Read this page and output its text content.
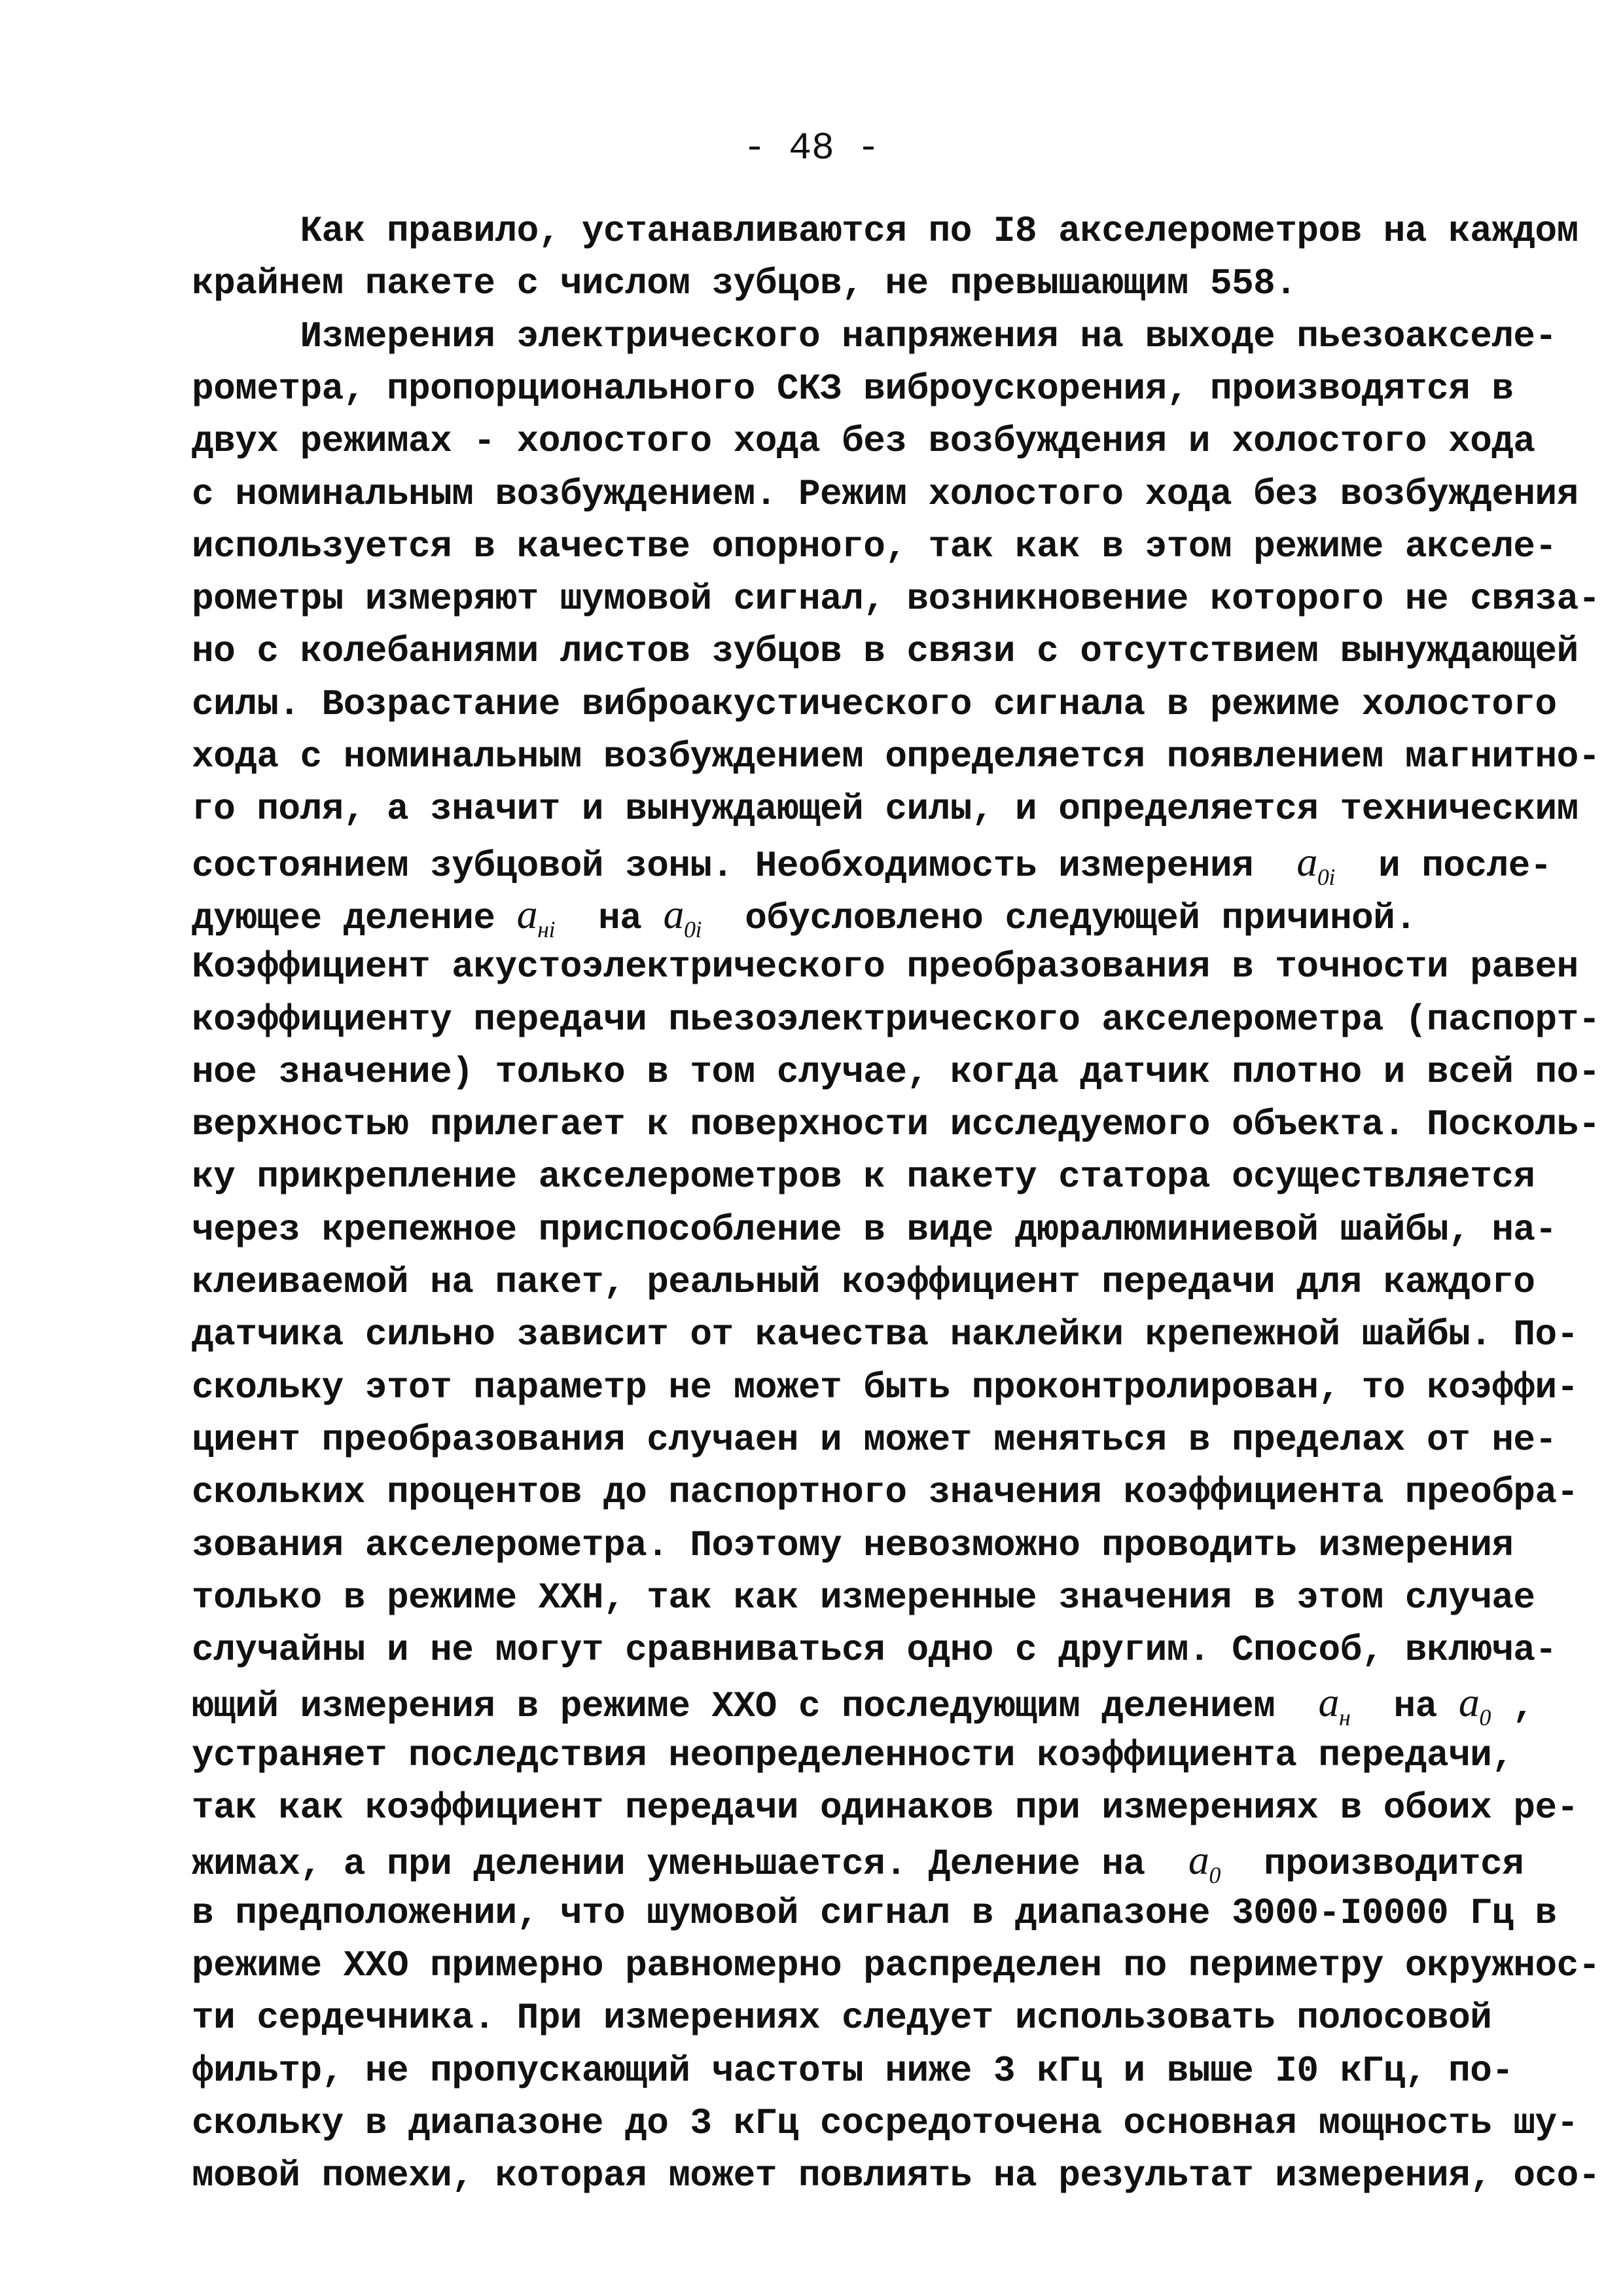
- 48 -
Как правило, устанавливаются по I8 акселерометров на каждом
крайнем пакете с числом зубцов, не превышающим 558.
Измерения электрического напряжения на выходе пьезоакселе-
рометра, пропорционального СКЗ виброускорения, производятся в
двух режимах - холостого хода без возбуждения и холостого хода
с номинальным возбуждением. Режим холостого хода без возбуждения
используется в качестве опорного, так как в этом режиме акселе-
рометры измеряют шумовой сигнал, возникновение которого не связа-
но с колебаниями листов зубцов в связи с отсутствием вынуждающей
силы. Возрастание виброакустического сигнала в режиме холостого
хода с номинальным возбуждением определяется появлением магнитно-
го поля, а значит и вынуждающей силы, и определяется техническим
состоянием зубцовой зоны. Необходимость измерения  $a_{0i}$  и после-
дующее деление $a_{нi}$  на $a_{0i}$  обусловлено следующей причиной.
Коэффициент акустоэлектрического преобразования в точности равен
коэффициенту передачи пьезоэлектрического акселерометра (паспорт-
ное значение) только в том случае, когда датчик плотно и всей по-
верхностью прилегает к поверхности исследуемого объекта. Посколь-
ку прикрепление акселерометров к пакету статора осуществляется
через крепежное приспособление в виде дюралюминиевой шайбы, на-
клеиваемой на пакет, реальный коэффициент передачи для каждого
датчика сильно зависит от качества наклейки крепежной шайбы. По-
скольку этот параметр не может быть проконтролирован, то коэффи-
циент преобразования случаен и может меняться в пределах от не-
скольких процентов до паспортного значения коэффициента преобра-
зования акселерометра. Поэтому невозможно проводить измерения
только в режиме ХХН, так как измеренные значения в этом случае
случайны и не могут сравниваться одно с другим. Способ, включа-
ющий измерения в режиме ХХО с последующим делением  $a_н$  на $a_0$ ,
устраняет последствия неопределенности коэффициента передачи,
так как коэффициент передачи одинаков при измерениях в обоих ре-
жимах, а при делении уменьшается. Деление на  $a_0$  производится
в предположении, что шумовой сигнал в диапазоне 3000-I0000 Гц в
режиме ХХО примерно равномерно распределен по периметру окружнос-
ти сердечника. При измерениях следует использовать полосовой
фильтр, не пропускающий частоты ниже 3 кГц и выше I0 кГц, по-
скольку в диапазоне до 3 кГц сосредоточена основная мощность шу-
мовой помехи, которая может повлиять на результат измерения, осо-
